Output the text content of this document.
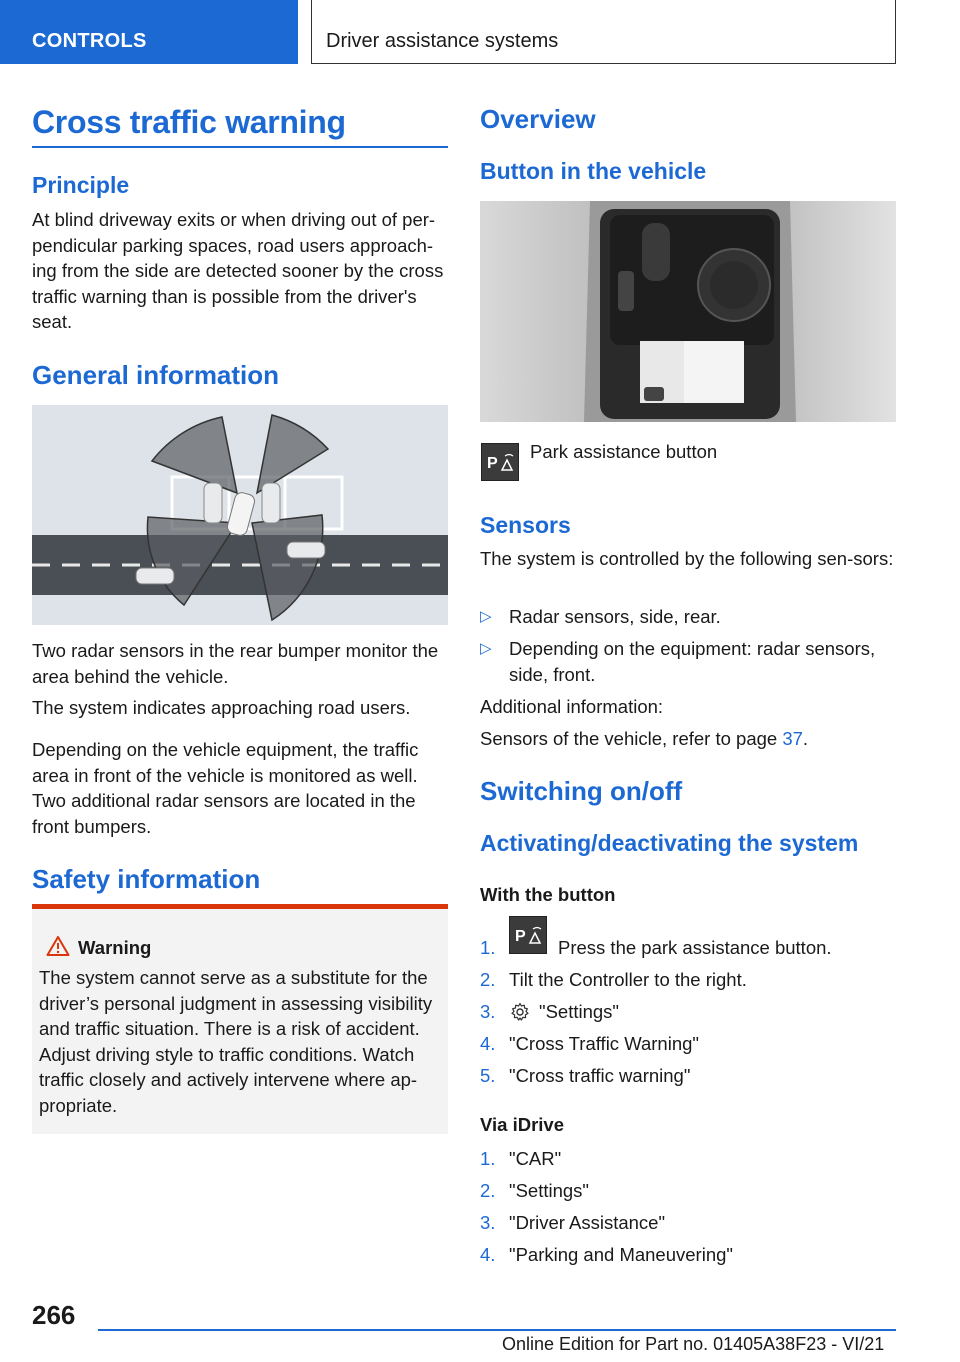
CONTROLS	Driver assistance systems
Cross traffic warning
Principle

At blind driveway exits or when driving out of per-pendicular parking spaces, road users approach-ing from the side are detected sooner by the cross traffic warning than is possible from the driver's seat.

General information

Two radar sensors in the rear bumper monitor the area behind the vehicle.

The system indicates approaching road users.

Depending on the vehicle equipment, the traffic area in front of the vehicle is monitored as well. Two additional radar sensors are located in the front bumpers.

Safety information
Warning
The system cannot serve as a substitute for the driver’s personal judgment in assessing visibility and traffic situation. There is a risk of accident. Adjust driving style to traffic conditions. Watch traffic closely and actively intervene where ap-propriate.
Overview
Button in the vehicle
P

Park assistance button

Sensors

The system is controlled by the following sen-sors:

▷ Radar sensors, side, rear.
▷ Depending on the equipment: radar sensors, side, front.

Additional information:

Sensors of the vehicle, refer to page 37.

Switching on/off
Activating/deactivating the system
With the button
1.
P
Press the park assistance button.
2. Tilt the Controller to the right.
3. "Settings"
4. "Cross Traffic Warning"
5. "Cross traffic warning"
Via iDrive
1. "CAR"
2. "Settings"
3. "Driver Assistance"
4. "Parking and Maneuvering"
266
Online Edition for Part no. 01405A38F23 - VI/21
